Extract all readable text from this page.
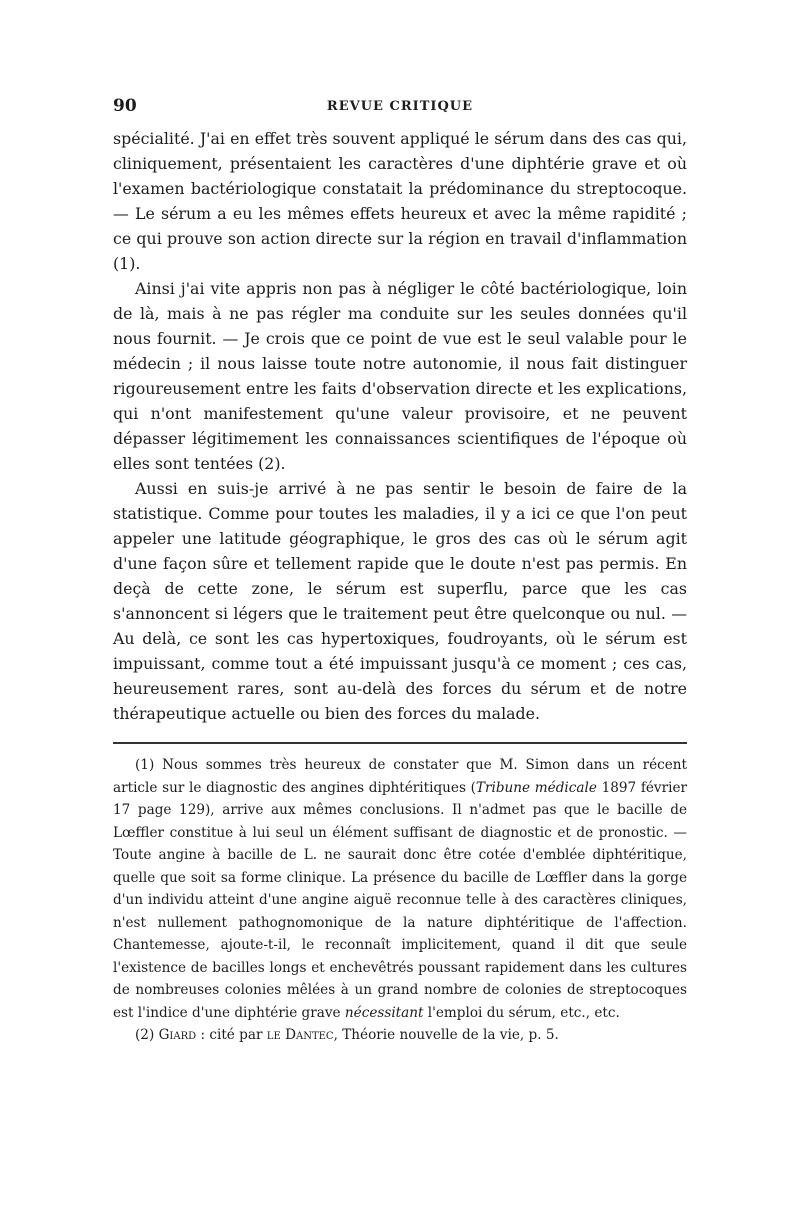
90	REVUE CRITIQUE

spécialité. J'ai en effet très souvent appliqué le sérum dans des cas qui, cliniquement, présentaient les caractères d'une diphtérie grave et où l'examen bactériologique constatait la prédominance du streptocoque. — Le sérum a eu les mêmes effets heureux et avec la même rapidité ; ce qui prouve son action directe sur la région en travail d'inflammation (1).

Ainsi j'ai vite appris non pas à négliger le côté bactériologique, loin de là, mais à ne pas régler ma conduite sur les seules données qu'il nous fournit. — Je crois que ce point de vue est le seul valable pour le médecin ; il nous laisse toute notre autonomie, il nous fait distinguer rigoureusement entre les faits d'observation directe et les explications, qui n'ont manifestement qu'une valeur provisoire, et ne peuvent dépasser légitimement les connaissances scientifiques de l'époque où elles sont tentées (2).

Aussi en suis-je arrivé à ne pas sentir le besoin de faire de la statistique. Comme pour toutes les maladies, il y a ici ce que l'on peut appeler une latitude géographique, le gros des cas où le sérum agit d'une façon sûre et tellement rapide que le doute n'est pas permis. En deçà de cette zone, le sérum est superflu, parce que les cas s'annoncent si légers que le traitement peut être quelconque ou nul. — Au delà, ce sont les cas hypertoxiques, foudroyants, où le sérum est impuissant, comme tout a été impuissant jusqu'à ce moment ; ces cas, heureusement rares, sont au-delà des forces du sérum et de notre thérapeutique actuelle ou bien des forces du malade.

(1) Nous sommes très heureux de constater que M. Simon dans un récent article sur le diagnostic des angines diphtéritiques (Tribune médicale 1897 février 17 page 129), arrive aux mêmes conclusions. Il n'admet pas que le bacille de Lœffler constitue à lui seul un élément suffisant de diagnostic et de pronostic. — Toute angine à bacille de L. ne saurait donc être cotée d'emblée diphtéritique, quelle que soit sa forme clinique. La présence du bacille de Lœffler dans la gorge d'un individu atteint d'une angine aiguë reconnue telle à des caractères cliniques, n'est nullement pathognomonique de la nature diphtéritique de l'affection. Chantemesse, ajoute-t-il, le reconnaît implicitement, quand il dit que seule l'existence de bacilles longs et enchevêtrés poussant rapidement dans les cultures de nombreuses colonies mêlées à un grand nombre de colonies de streptocoques est l'indice d'une diphtérie grave nécessitant l'emploi du sérum, etc., etc.

(2) Giard : cité par le Dantec, Théorie nouvelle de la vie, p. 5.
